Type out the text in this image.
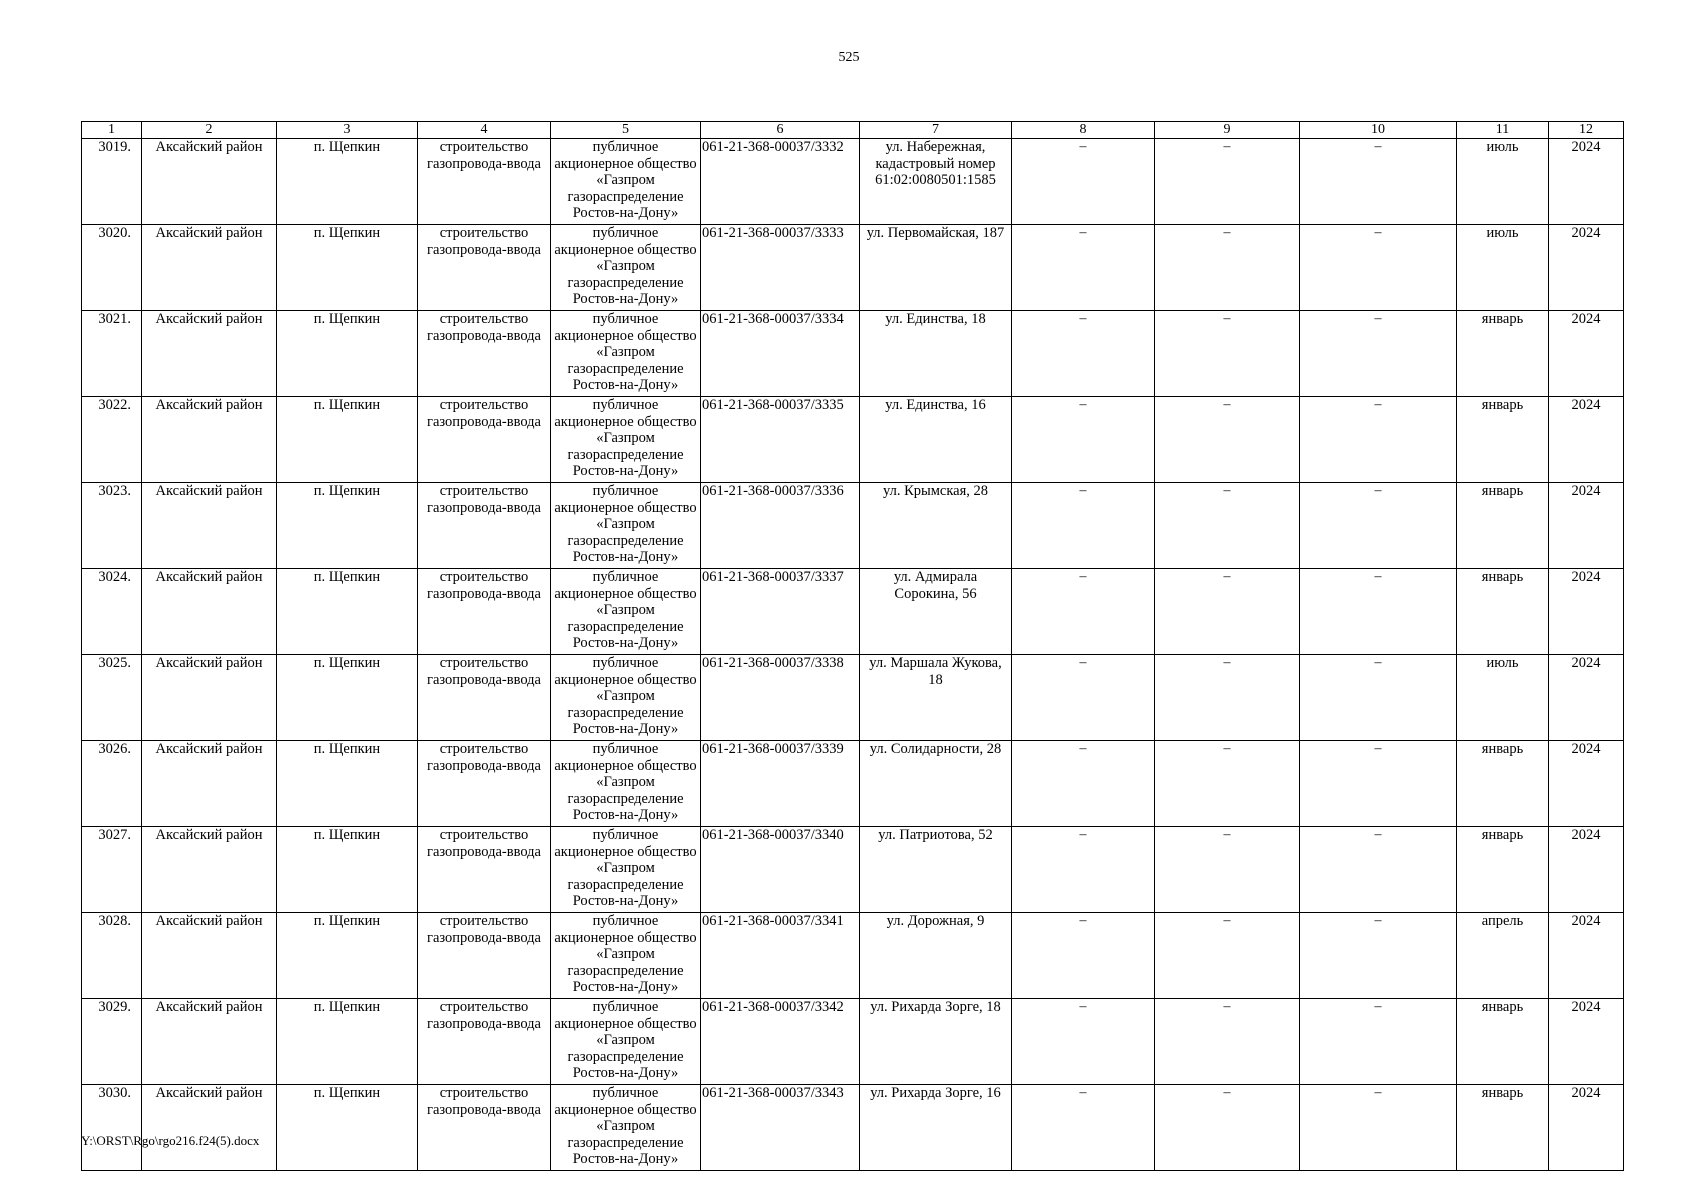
525
1	2	3	4	5	6	7	8	9	10	11	12
3019.	Аксайский район	п. Щепкин	строительство газопровода-ввода	публичное акционерное общество «Газпром газораспределение Ростов-на-Дону»	061-21-368-00037/3332	ул. Набережная, кадастровый номер 61:02:0080501:1585	–	–	–	июль	2024
3020.	Аксайский район	п. Щепкин	строительство газопровода-ввода	публичное акционерное общество «Газпром газораспределение Ростов-на-Дону»	061-21-368-00037/3333	ул. Первомайская, 187	–	–	–	июль	2024
3021.	Аксайский район	п. Щепкин	строительство газопровода-ввода	публичное акционерное общество «Газпром газораспределение Ростов-на-Дону»	061-21-368-00037/3334	ул. Единства, 18	–	–	–	январь	2024
3022.	Аксайский район	п. Щепкин	строительство газопровода-ввода	публичное акционерное общество «Газпром газораспределение Ростов-на-Дону»	061-21-368-00037/3335	ул. Единства, 16	–	–	–	январь	2024
3023.	Аксайский район	п. Щепкин	строительство газопровода-ввода	публичное акционерное общество «Газпром газораспределение Ростов-на-Дону»	061-21-368-00037/3336	ул. Крымская, 28	–	–	–	январь	2024
3024.	Аксайский район	п. Щепкин	строительство газопровода-ввода	публичное акционерное общество «Газпром газораспределение Ростов-на-Дону»	061-21-368-00037/3337	ул. Адмирала Сорокина, 56	–	–	–	январь	2024
3025.	Аксайский район	п. Щепкин	строительство газопровода-ввода	публичное акционерное общество «Газпром газораспределение Ростов-на-Дону»	061-21-368-00037/3338	ул. Маршала Жукова, 18	–	–	–	июль	2024
3026.	Аксайский район	п. Щепкин	строительство газопровода-ввода	публичное акционерное общество «Газпром газораспределение Ростов-на-Дону»	061-21-368-00037/3339	ул. Солидарности, 28	–	–	–	январь	2024
3027.	Аксайский район	п. Щепкин	строительство газопровода-ввода	публичное акционерное общество «Газпром газораспределение Ростов-на-Дону»	061-21-368-00037/3340	ул. Патриотова, 52	–	–	–	январь	2024
3028.	Аксайский район	п. Щепкин	строительство газопровода-ввода	публичное акционерное общество «Газпром газораспределение Ростов-на-Дону»	061-21-368-00037/3341	ул. Дорожная, 9	–	–	–	апрель	2024
3029.	Аксайский район	п. Щепкин	строительство газопровода-ввода	публичное акционерное общество «Газпром газораспределение Ростов-на-Дону»	061-21-368-00037/3342	ул. Рихарда Зорге, 18	–	–	–	январь	2024
3030.	Аксайский район	п. Щепкин	строительство газопровода-ввода	публичное акционерное общество «Газпром газораспределение Ростов-на-Дону»	061-21-368-00037/3343	ул. Рихарда Зорге, 16	–	–	–	январь	2024
Y:\ORST\Rgo\rgo216.f24(5).docx
